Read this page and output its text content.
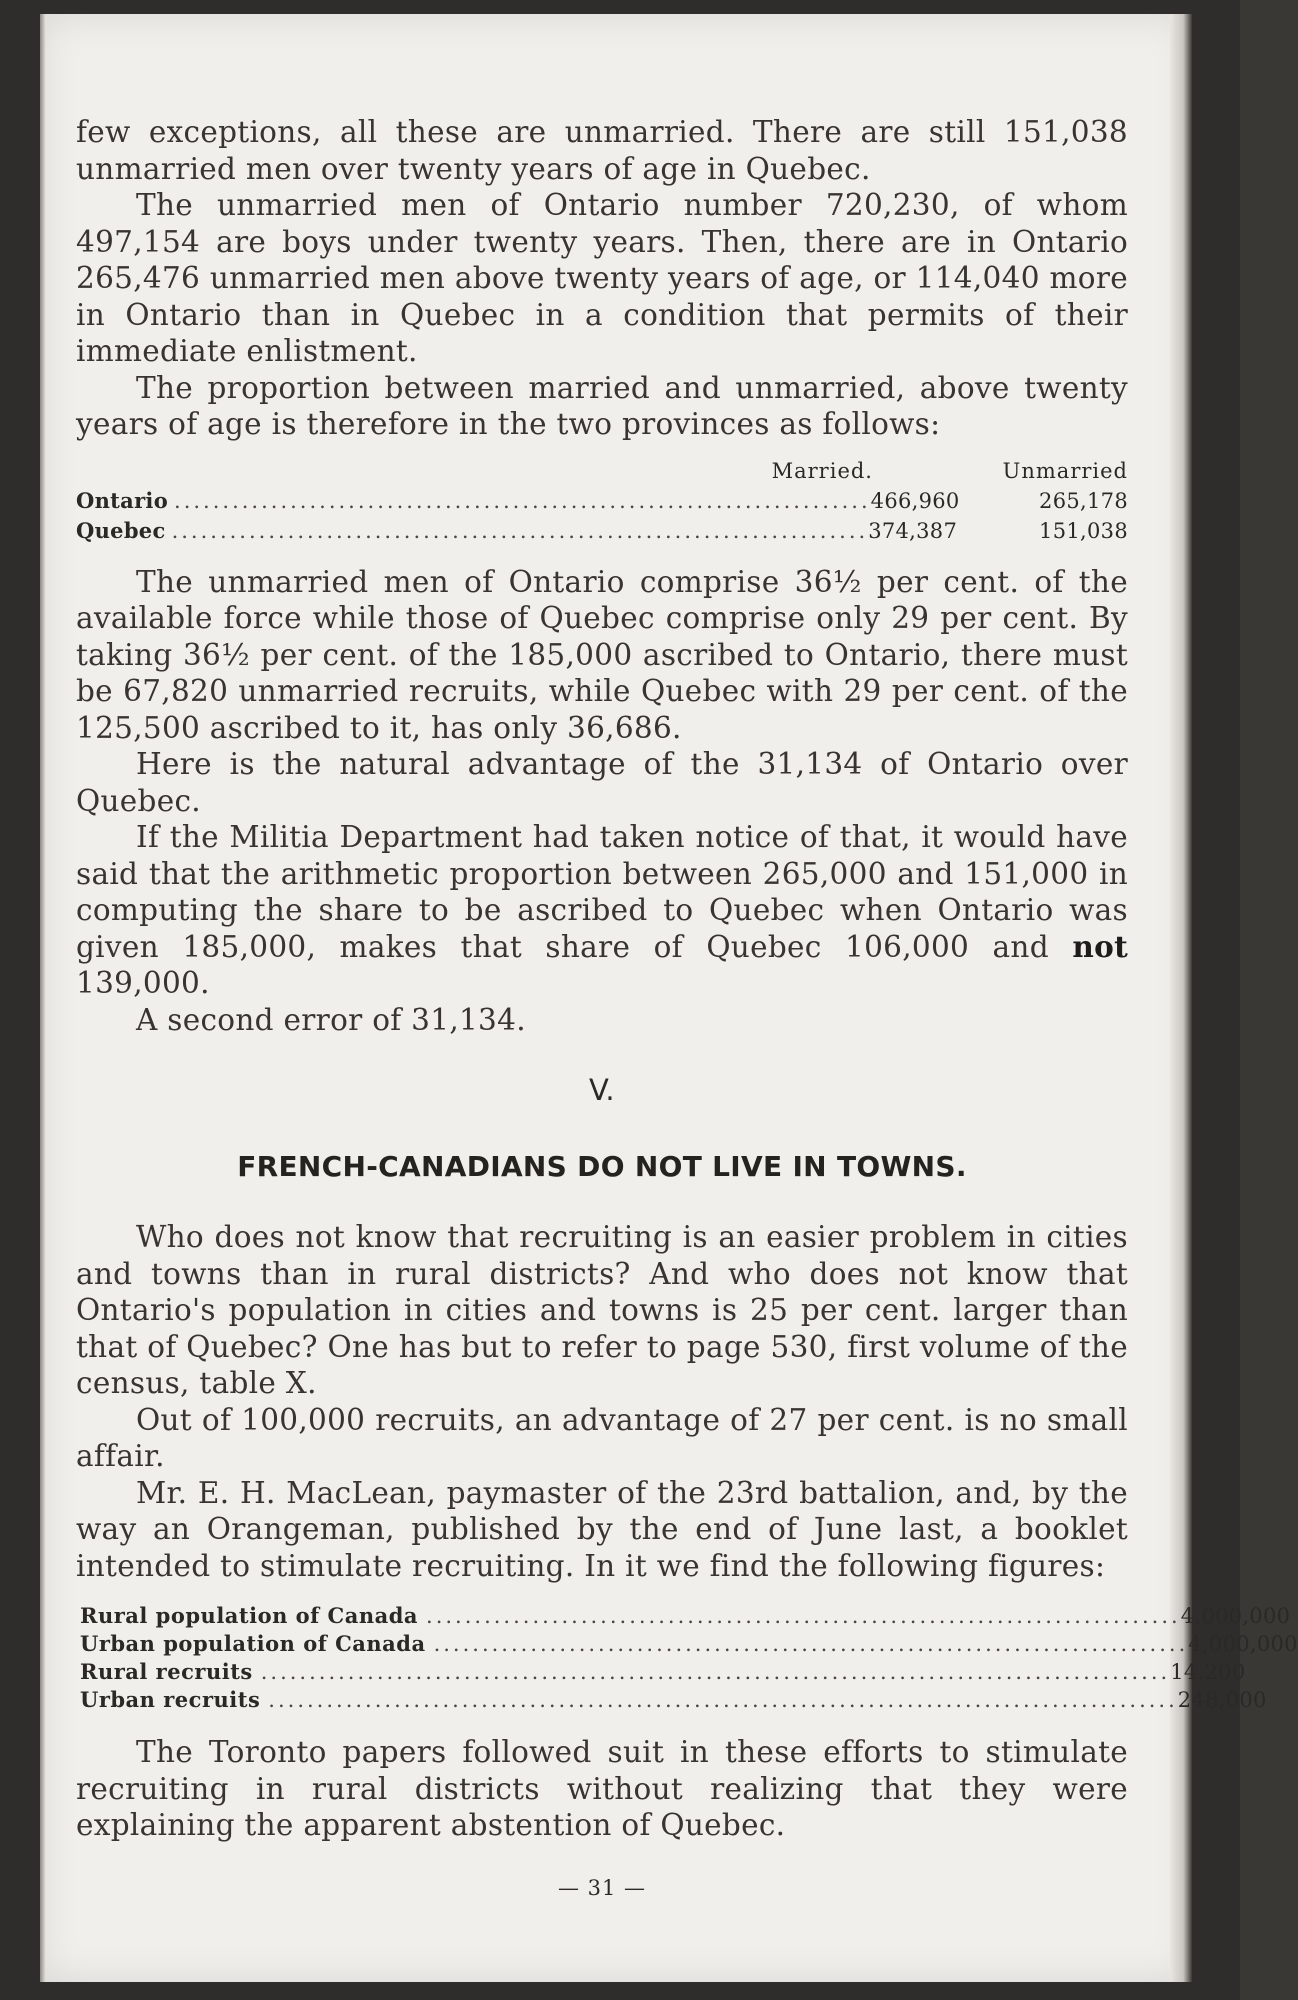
few exceptions, all these are unmarried. There are still 151,038 unmarried men over twenty years of age in Quebec.

The unmarried men of Ontario number 720,230, of whom 497,154 are boys under twenty years. Then, there are in Ontario 265,476 unmarried men above twenty years of age, or 114,040 more in Ontario than in Quebec in a condition that permits of their immediate enlistment.

The proportion between married and unmarried, above twenty years of age is therefore in the two provinces as follows:

Married.	Unmarried
Ontario ........................................................................ 466,960	265,178
Quebec ........................................................................ 374,387	151,038

The unmarried men of Ontario comprise 36½ per cent. of the available force while those of Quebec comprise only 29 per cent. By taking 36½ per cent. of the 185,000 ascribed to Ontario, there must be 67,820 unmarried recruits, while Quebec with 29 per cent. of the 125,500 ascribed to it, has only 36,686.

Here is the natural advantage of the 31,134 of Ontario over Quebec.

If the Militia Department had taken notice of that, it would have said that the arithmetic proportion between 265,000 and 151,000 in computing the share to be ascribed to Quebec when Ontario was given 185,000, makes that share of Quebec 106,000 and not 139,000.

A second error of 31,134.

V.
FRENCH-CANADIANS DO NOT LIVE IN TOWNS.

Who does not know that recruiting is an easier problem in cities and towns than in rural districts? And who does not know that Ontario's population in cities and towns is 25 per cent. larger than that of Quebec? One has but to refer to page 530, first volume of the census, table X.

Out of 100,000 recruits, an advantage of 27 per cent. is no small affair.

Mr. E. H. MacLean, paymaster of the 23rd battalion, and, by the way an Orangeman, published by the end of June last, a booklet intended to stimulate recruiting. In it we find the following figures:

Rural population of Canada .............................................................................. 4,000,000
Urban population of Canada .............................................................................. 4,000,000
Rural recruits .............................................................................................. 14,200
Urban recruits .............................................................................................. 248,000

The Toronto papers followed suit in these efforts to stimulate recruiting in rural districts without realizing that they were explaining the apparent abstention of Quebec.

— 31 —
